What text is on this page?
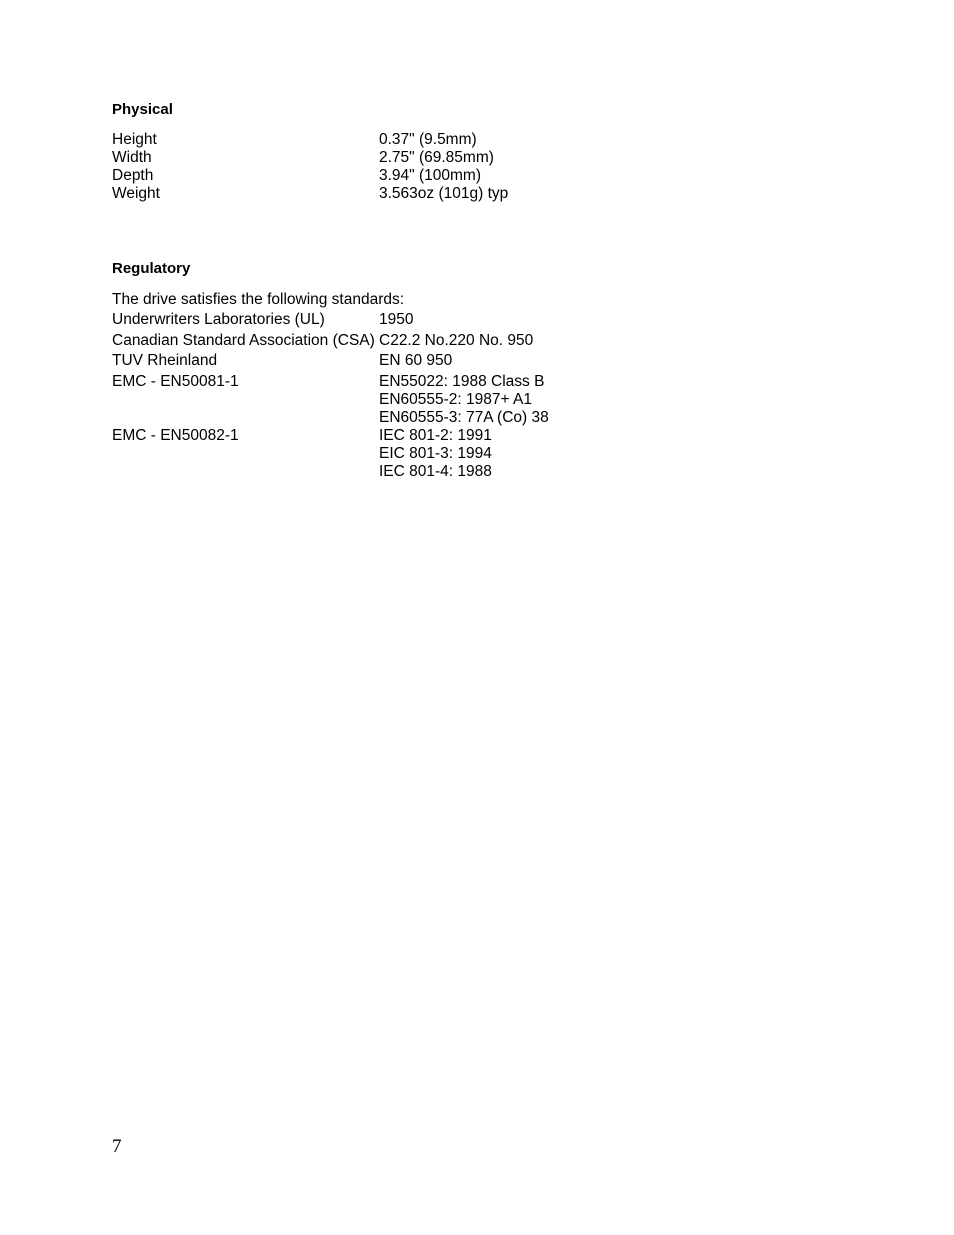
Physical
Height	0.37" (9.5mm)
Width	2.75" (69.85mm)
Depth	3.94" (100mm)
Weight	3.563oz (101g) typ
Regulatory
The drive satisfies the following standards:
Underwriters Laboratories (UL)	1950
Canadian Standard Association (CSA) C22.2 No.220 No. 950
TUV Rheinland	EN 60 950
EMC - EN50081-1	EN55022: 1988 Class B
EN60555-2: 1987+ A1
EN60555-3: 77A (Co) 38
EMC - EN50082-1	IEC 801-2: 1991
EIC 801-3: 1994
IEC 801-4: 1988
7
